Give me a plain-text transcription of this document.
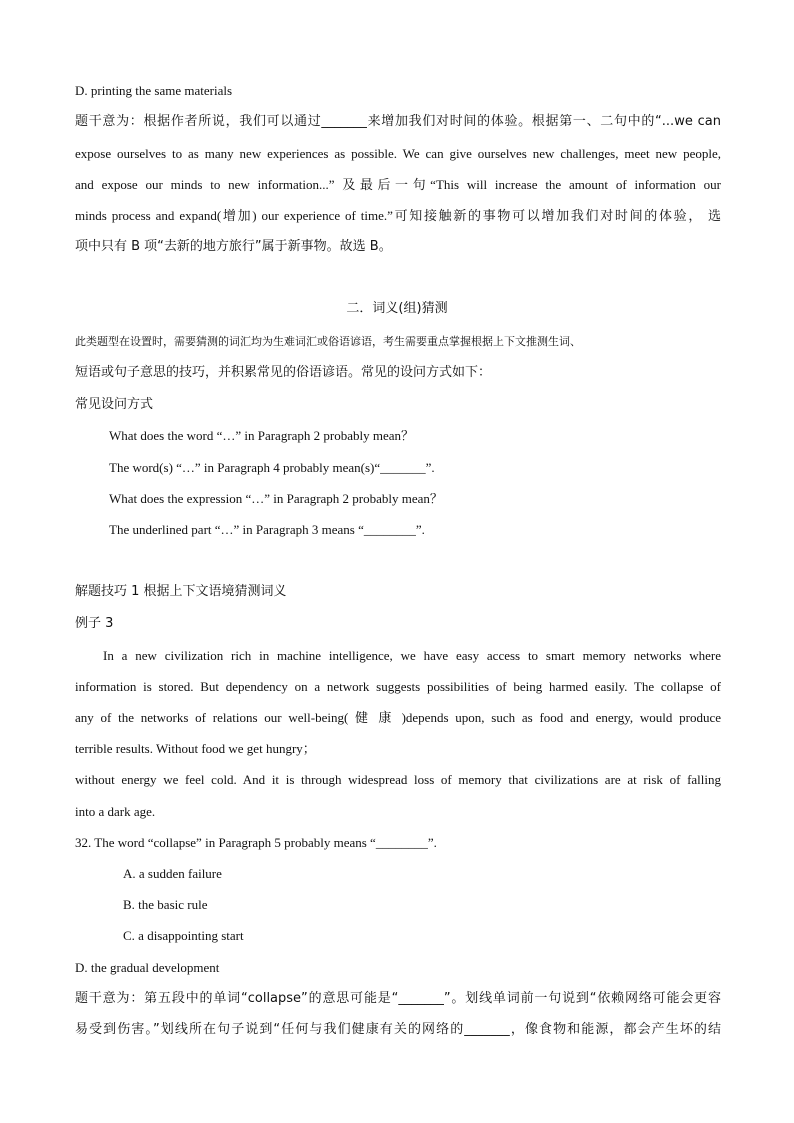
D. printing the same materials
题干意为：根据作者所说，我们可以通过_______来增加我们对时间的体验。根据第一、二句中的“...we can
expose ourselves to as many new experiences as possible. We can give ourselves new challenges, meet new people,
and expose our minds to new information...” 及最后一句“This will increase the amount of information our
minds process and expand(增加) our experience of time.”可知接触新的事物可以增加我们对时间的体验， 选
项中只有 B 项“去新的地方旅行”属于新事物。故选 B。
二．词义(组)猜测
此类题型在设置时，需要猜测的词汇均为生难词汇或俗语谚语，考生需要重点掌握根据上下文推测生词、
短语或句子意思的技巧，并积累常见的俗语谚语。常见的设问方式如下：
常见设问方式
What does the word “…” in Paragraph 2 probably mean？
The word(s) “…” in Paragraph 4 probably mean(s)“_______”.
What does the expression “…” in Paragraph 2 probably mean？
The underlined part “…” in Paragraph 3 means “________”.
解题技巧 1 根据上下文语境猜测词义
例子 3
In a new civilization rich in machine intelligence, we have easy access to smart memory networks where
information is stored. But dependency on a network suggests possibilities of being harmed easily. The collapse of
any of the networks of relations our well-being( 健 康 )depends upon, such as food and energy, would produce
terrible results. Without food we get hungry；
without energy we feel cold. And it is through widespread loss of memory that civilizations are at risk of falling
into a dark age.
32. The word “collapse” in Paragraph 5 probably means “________”.
A. a sudden failure
B. the basic rule
C. a disappointing start
D. the gradual development
题干意为：第五段中的单词“collapse”的意思可能是“_______”。划线单词前一句说到“依赖网络可能会更容
易受到伤害。”划线所在句子说到“任何与我们健康有关的网络的_______，像食物和能源，都会产生坏的结
